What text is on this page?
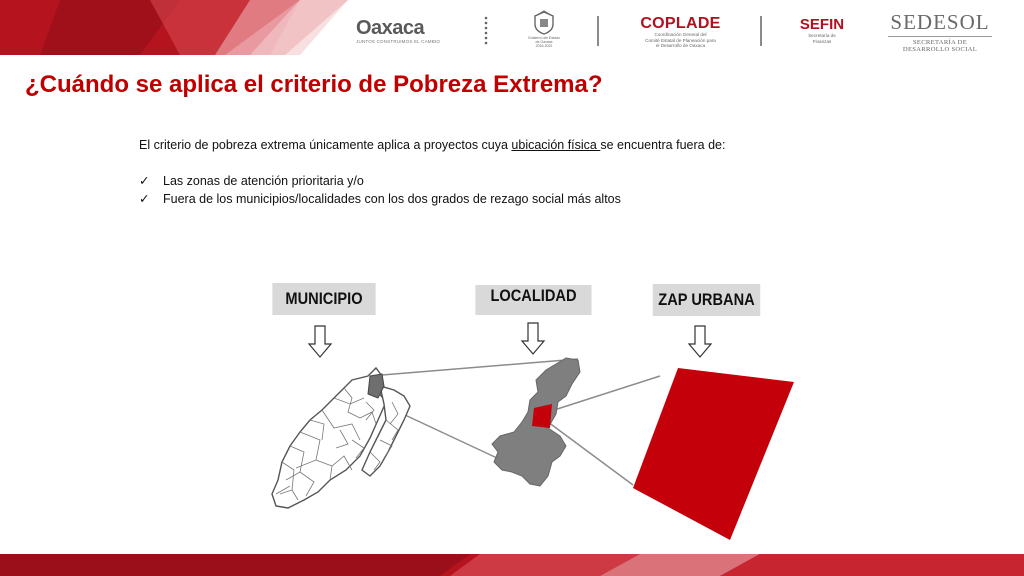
Oaxaca
JUNTOS CONSTRUIMOS EL CAMBIO
Gobierno del Estado
de Oaxaca
2016-2022
COPLADE
Coordinación General del
Comité Estatal de Planeación para
el Desarrollo de Oaxaca
SEFIN
Secretaría de
Finanzas
SEDESOL
SECRETARÍA DE
DESARROLLO SOCIAL
¿Cuándo se aplica el criterio de Pobreza Extrema?
El criterio de pobreza extrema únicamente aplica a proyectos cuya ubicación física se encuentra fuera de:
✓ Las zonas de atención prioritaria y/o
✓ Fuera de los municipios/localidades con los dos grados de rezago social más altos
MUNICIPIO	LOCALIDAD	ZAP URBANA
